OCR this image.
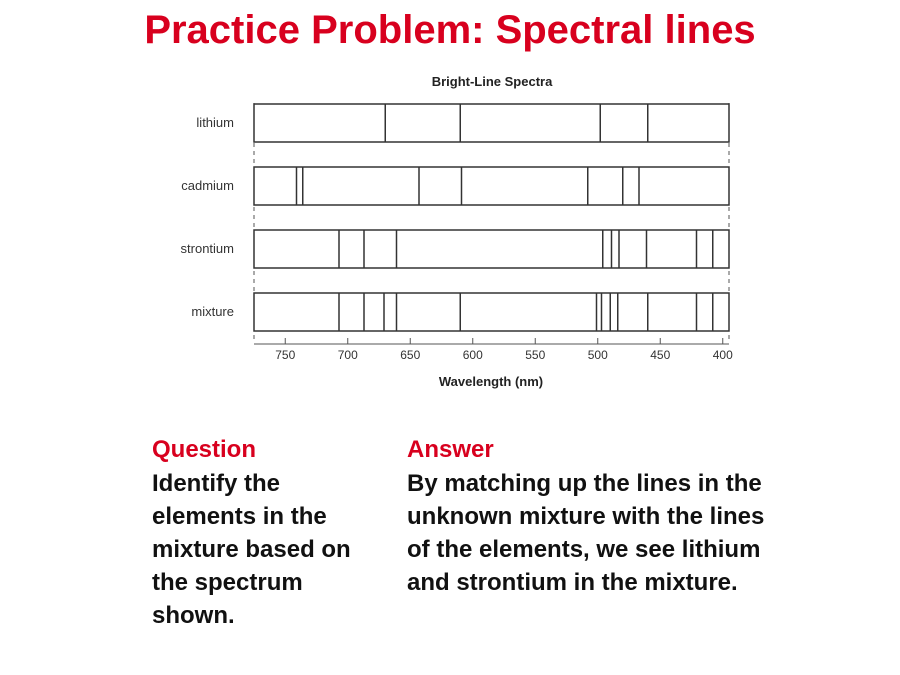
Practice Problem: Spectral lines
Bright-Line Spectra
lithium
cadmium
strontium
mixture
750	700	650	600	550	500	450	400
Wavelength (nm)
Question
Identify the elements in the mixture based on the spectrum shown.
Answer
By matching up the lines in the unknown mixture with the lines of the elements, we see lithium and strontium in the mixture.
